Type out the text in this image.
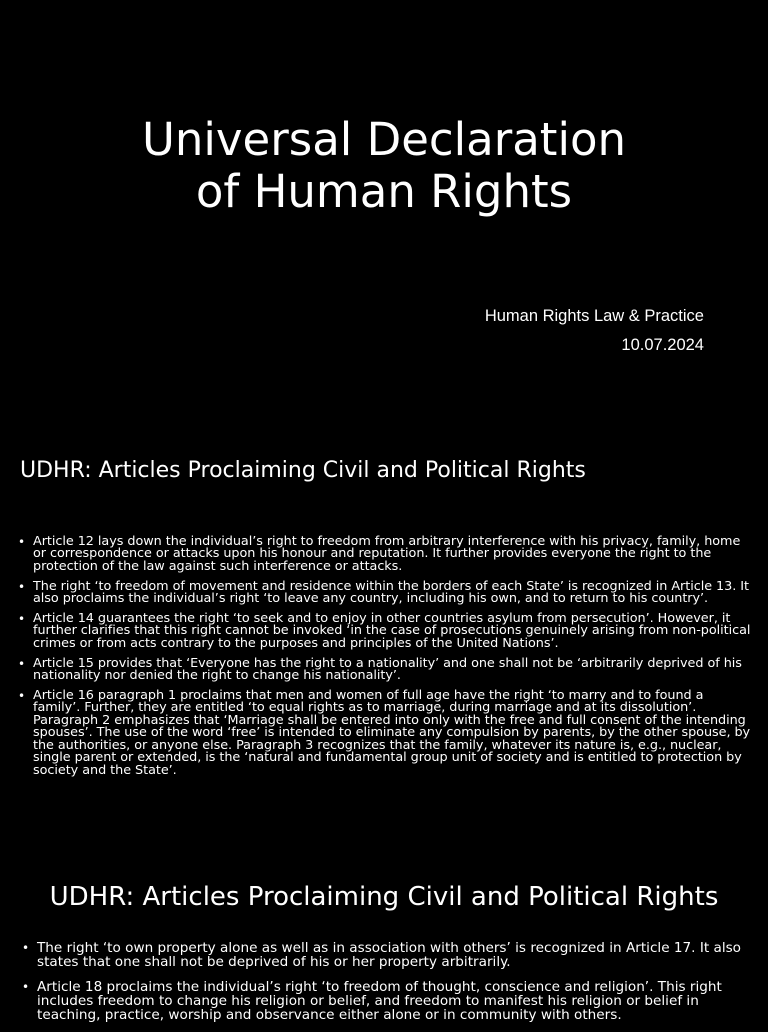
Universal Declaration
of Human Rights
Human Rights Law & Practice
10.07.2024
UDHR: Articles Proclaiming Civil and Political Rights
• Article 12 lays down the individual’s right to freedom from arbitrary interference with his privacy, family, home or correspondence or attacks upon his honour and reputation. It further provides everyone the right to the protection of the law against such interference or attacks.
• The right ‘to freedom of movement and residence within the borders of each State’ is recognized in Article 13. It also proclaims the individual’s right ‘to leave any country, including his own, and to return to his country’.
• Article 14 guarantees the right ‘to seek and to enjoy in other countries asylum from persecution’. However, it further clarifies that this right cannot be invoked ‘in the case of prosecutions genuinely arising from non-political crimes or from acts contrary to the purposes and principles of the United Nations’.
• Article 15 provides that ‘Everyone has the right to a nationality’ and one shall not be ‘arbitrarily deprived of his nationality nor denied the right to change his nationality’.
• Article 16 paragraph 1 proclaims that men and women of full age have the right ‘to marry and to found a family’. Further, they are entitled ‘to equal rights as to marriage, during marriage and at its dissolution’. Paragraph 2 emphasizes that ‘Marriage shall be entered into only with the free and full consent of the intending spouses’. The use of the word ‘free’ is intended to eliminate any compulsion by parents, by the other spouse, by the authorities, or anyone else. Paragraph 3 recognizes that the family, whatever its nature is, e.g., nuclear, single parent or extended, is the ‘natural and fundamental group unit of society and is entitled to protection by society and the State’.
UDHR: Articles Proclaiming Civil and Political Rights
• The right ‘to own property alone as well as in association with others’ is recognized in Article 17. It also states that one shall not be deprived of his or her property arbitrarily.
• Article 18 proclaims the individual’s right ‘to freedom of thought, conscience and religion’. This right includes freedom to change his religion or belief, and freedom to manifest his religion or belief in teaching, practice, worship and observance either alone or in community with others.
